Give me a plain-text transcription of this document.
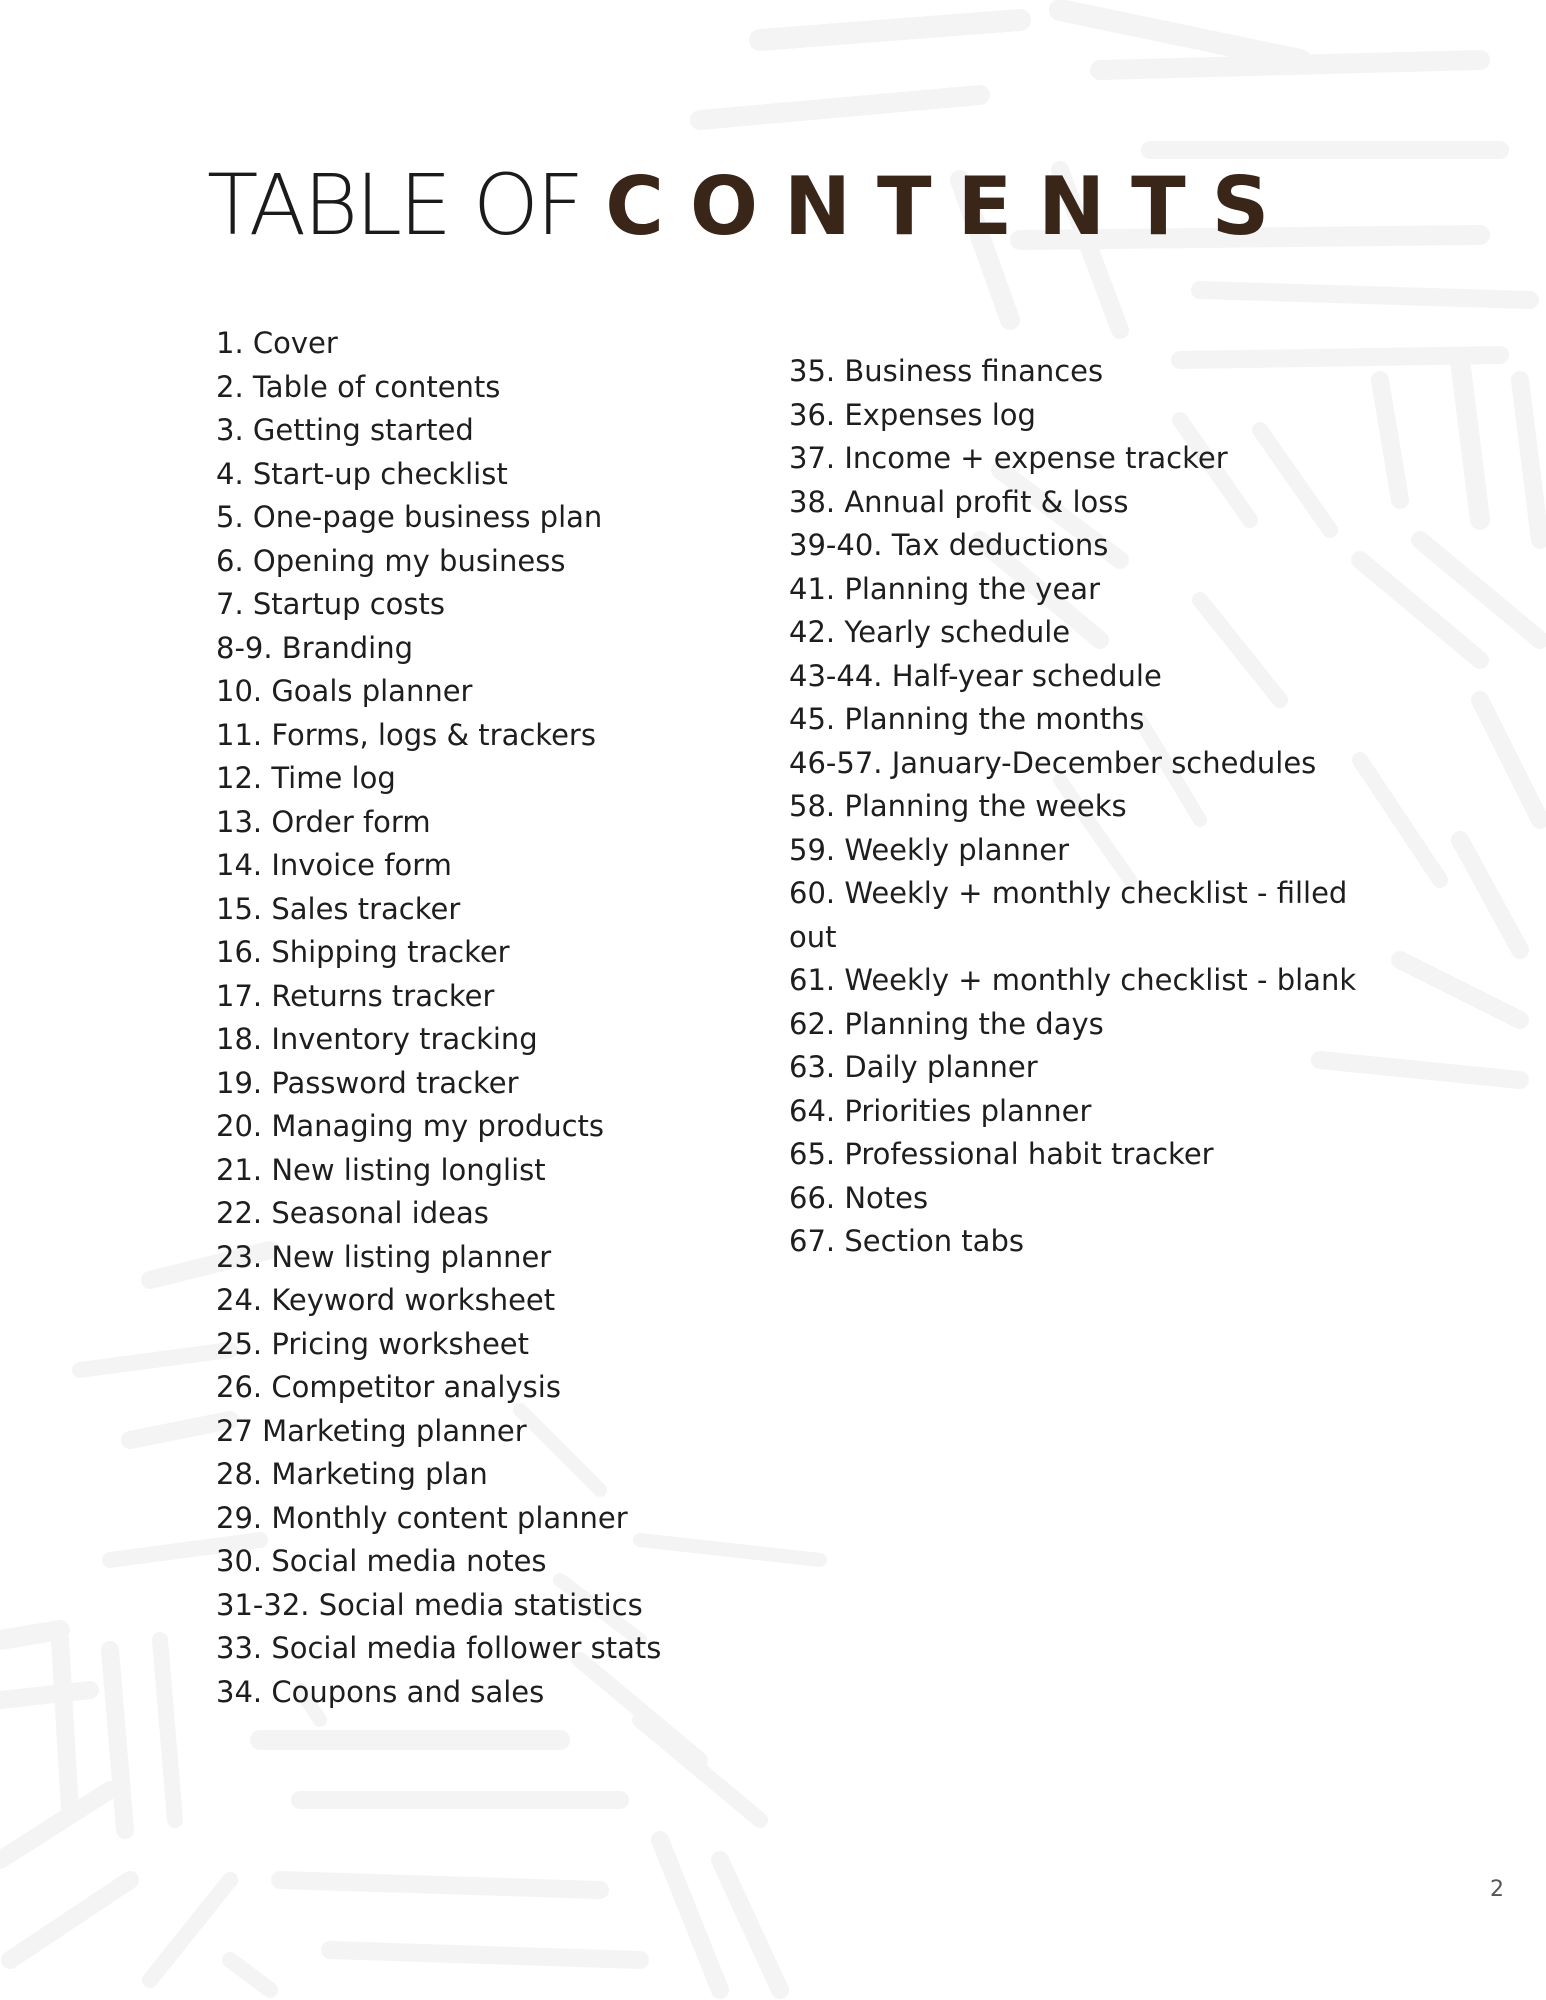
TABLE OF CONTENTS
1. Cover
2. Table of contents
3. Getting started
4. Start-up checklist
5. One-page business plan
6. Opening my business
7. Startup costs
8-9. Branding
10. Goals planner
11. Forms, logs & trackers
12. Time log
13. Order form
14. Invoice form
15. Sales tracker
16. Shipping tracker
17. Returns tracker
18. Inventory tracking
19. Password tracker
20. Managing my products
21. New listing longlist
22. Seasonal ideas
23. New listing planner
24. Keyword worksheet
25. Pricing worksheet
26. Competitor analysis
27 Marketing planner
28. Marketing plan
29. Monthly content planner
30. Social media notes
31-32. Social media statistics
33. Social media follower stats
34. Coupons and sales
35. Business finances
36. Expenses log
37. Income + expense tracker
38. Annual profit & loss
39-40. Tax deductions
41. Planning the year
42. Yearly schedule
43-44. Half-year schedule
45. Planning the months
46-57. January-December schedules
58. Planning the weeks
59. Weekly planner
60. Weekly + monthly checklist - filled out
61. Weekly + monthly checklist - blank
62. Planning the days
63. Daily planner
64. Priorities planner
65. Professional habit tracker
66. Notes
67. Section tabs
2
